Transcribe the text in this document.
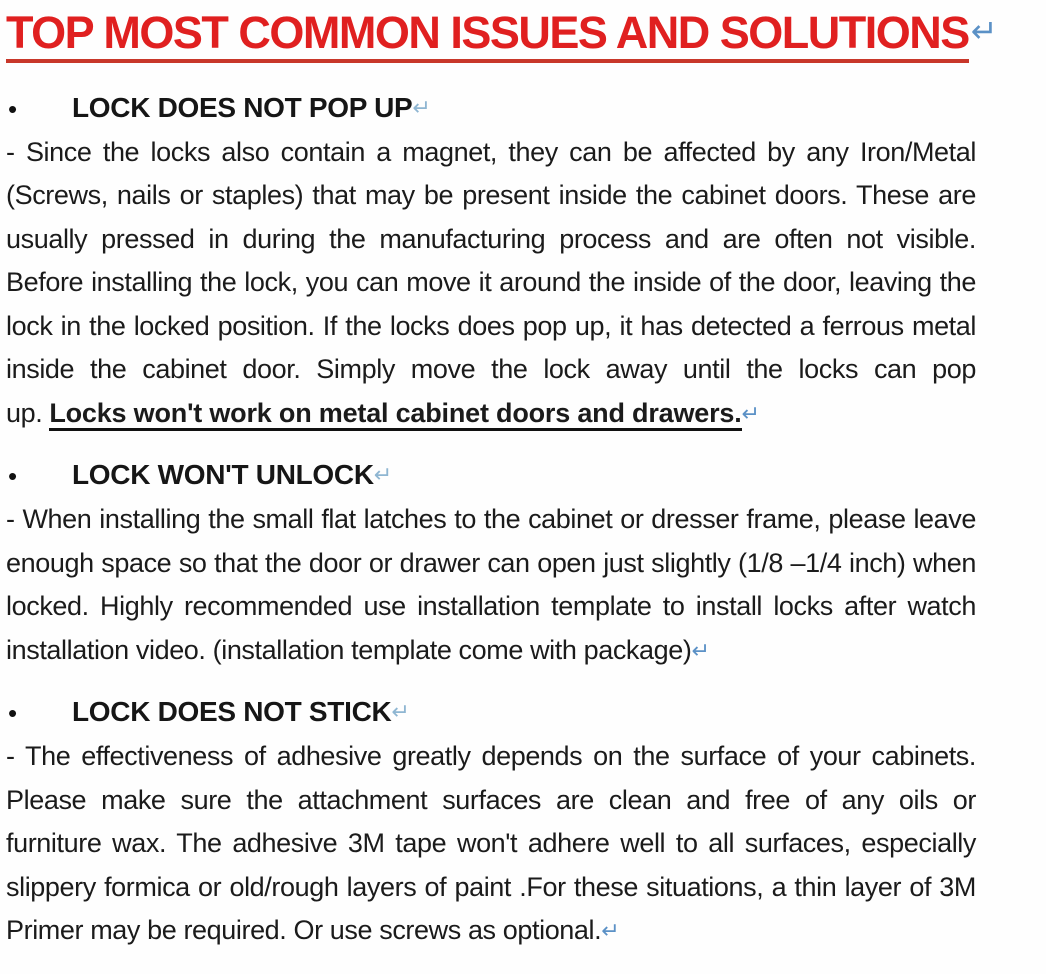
TOP MOST COMMON ISSUES AND SOLUTIONS↵
• LOCK DOES NOT POP UP↵

- Since the locks also contain a magnet, they can be affected by any Iron/Metal (Screws, nails or staples) that may be present inside the cabinet doors. These are usually pressed in during the manufacturing process and are often not visible. Before installing the lock, you can move it around the inside of the door, leaving the lock in the locked position. If the locks does pop up, it has detected a ferrous metal inside the cabinet door. Simply move the lock away until the locks can pop up. Locks won't work on metal cabinet doors and drawers.↵

• LOCK WON'T UNLOCK↵

- When installing the small flat latches to the cabinet or dresser frame, please leave enough space so that the door or drawer can open just slightly (1/8 –1/4 inch) when locked. Highly recommended use installation template to install locks after watch installation video. (installation template come with package)↵

• LOCK DOES NOT STICK↵

- The effectiveness of adhesive greatly depends on the surface of your cabinets. Please make sure the attachment surfaces are clean and free of any oils or furniture wax. The adhesive 3M tape won't adhere well to all surfaces, especially slippery formica or old/rough layers of paint .For these situations, a thin layer of 3M Primer may be required. Or use screws as optional.↵
